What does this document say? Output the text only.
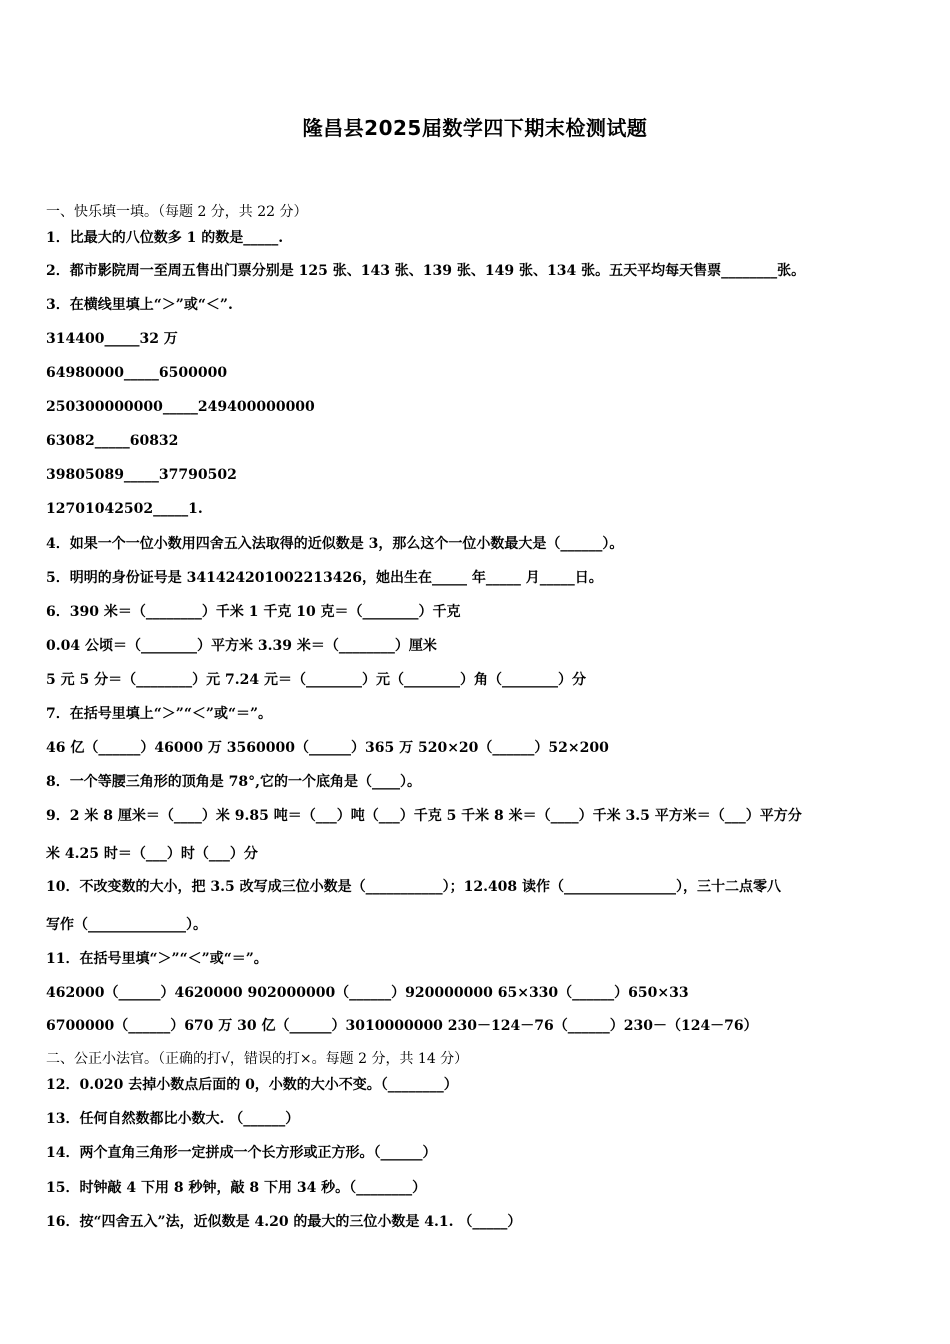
隆昌县2025届数学四下期末检测试题
一、快乐填一填。（每题 2 分，共 22 分）
1．比最大的八位数多 1 的数是_____.
2．都市影院周一至周五售出门票分别是 125 张、143 张、139 张、149 张、134 张。五天平均每天售票________张。
3．在横线里填上“＞”或“＜”.
314400_____32 万
64980000_____6500000
250300000000_____249400000000
63082_____60832
39805089_____37790502
12701042502_____1.
4．如果一个一位小数用四舍五入法取得的近似数是 3，那么这个一位小数最大是（______）。
5．明明的身份证号是 341424201002213426，她出生在_____ 年_____ 月_____日。
6．390 米＝（________）千米 1 千克 10 克＝（________）千克
0.04 公顷＝（________）平方米 3.39 米＝（________）厘米
5 元 5 分＝（________）元 7.24 元＝（________）元（________）角（________）分
7．在括号里填上“＞”“＜”或“＝”。
46 亿（______）46000 万 3560000（______）365 万 520×20（______）52×200
8．一个等腰三角形的顶角是 78°,它的一个底角是（____）。
9．2 米 8 厘米＝（____）米 9.85 吨＝（___）吨（___）千克 5 千米 8 米＝（____）千米 3.5 平方米＝（___）平方分
米 4.25 时＝（___）时（___）分
10．不改变数的大小，把 3.5 改写成三位小数是（___________）；12.408 读作（________________），三十二点零八
写作（______________）。
11．在括号里填“＞”“＜”或“＝”。
462000（______）4620000 902000000（______）920000000 65×330（______）650×33
6700000（______）670 万 30 亿（______）3010000000 230－124－76（______）230－（124－76）
二、公正小法官。（正确的打√，错误的打×。每题 2 分，共 14 分）
12．0.020 去掉小数点后面的 0，小数的大小不变。（________）
13．任何自然数都比小数大. （______）
14．两个直角三角形一定拼成一个长方形或正方形。（______）
15．时钟敲 4 下用 8 秒钟，敲 8 下用 34 秒。（________）
16．按“四舍五入”法，近似数是 4.20 的最大的三位小数是 4.1. （_____）
